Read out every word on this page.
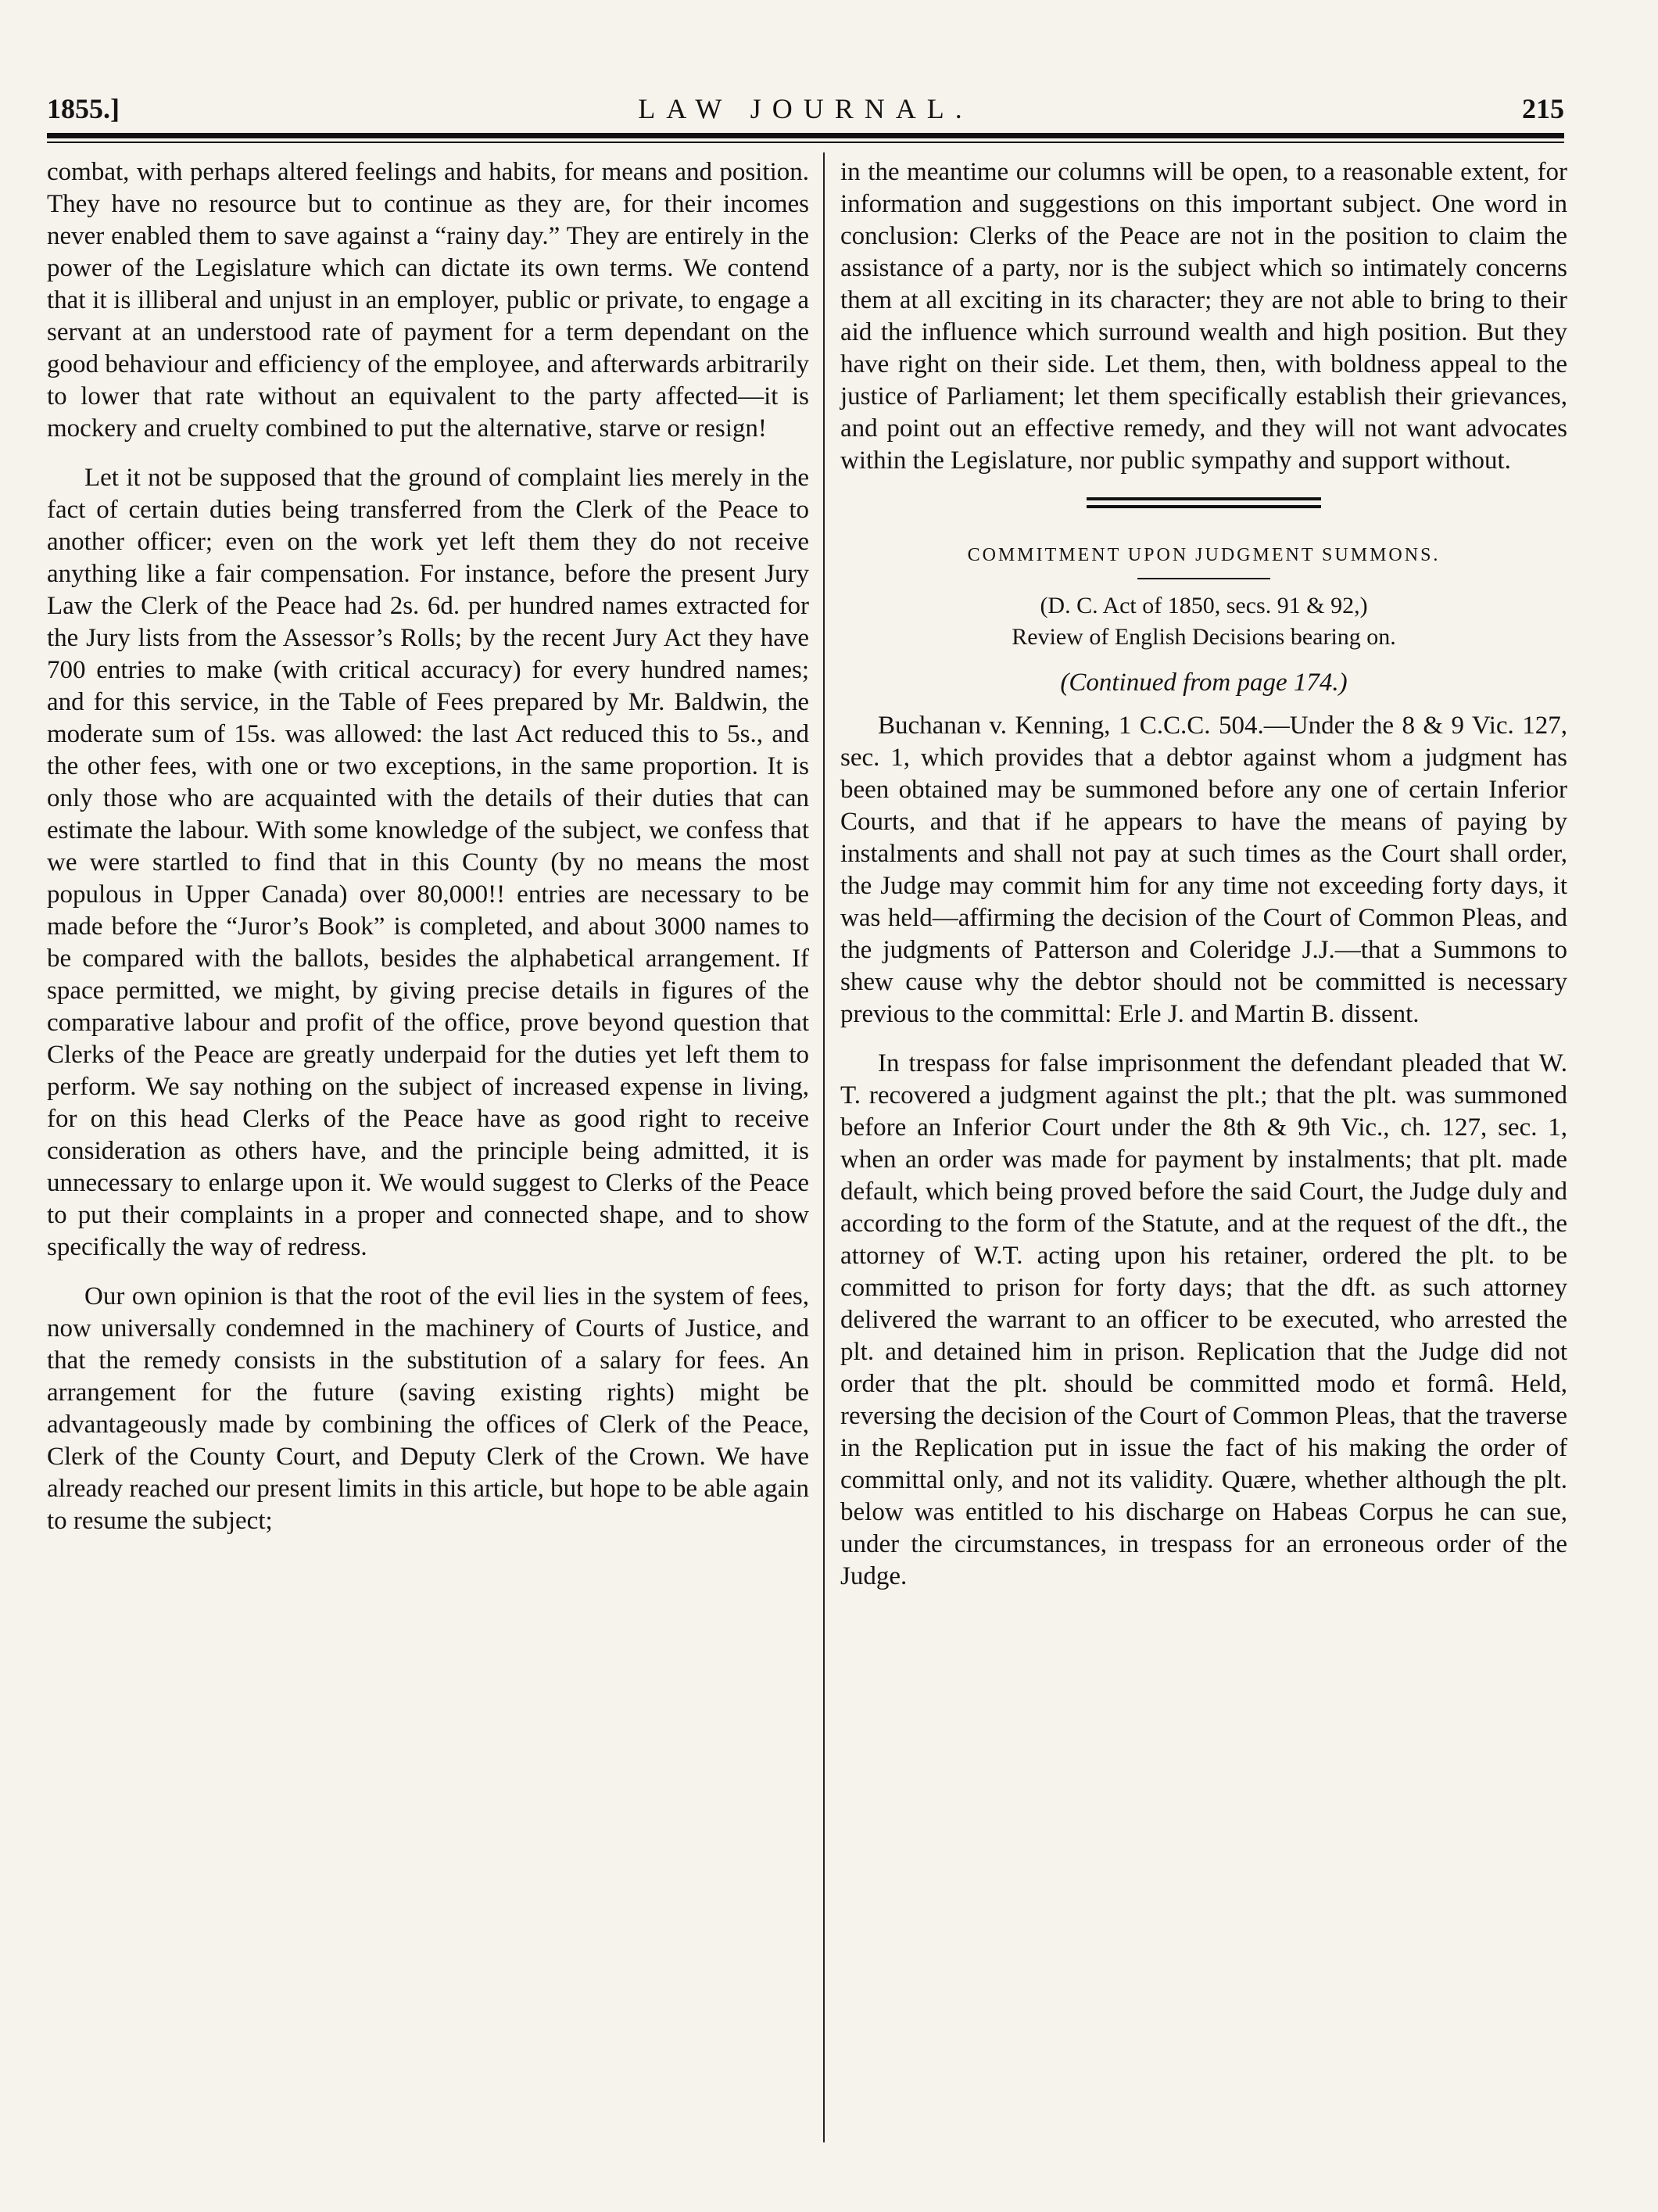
1855.]	LAW JOURNAL.	215

combat, with perhaps altered feelings and habits, for means and position. They have no resource but to continue as they are, for their incomes never enabled them to save against a “rainy day.” They are entirely in the power of the Legislature which can dictate its own terms. We contend that it is illiberal and unjust in an employer, public or private, to engage a servant at an understood rate of payment for a term dependant on the good behaviour and efficiency of the employee, and afterwards arbitrarily to lower that rate without an equivalent to the party affected—it is mockery and cruelty combined to put the alternative, starve or resign!

Let it not be supposed that the ground of complaint lies merely in the fact of certain duties being transferred from the Clerk of the Peace to another officer; even on the work yet left them they do not receive anything like a fair compensation. For instance, before the present Jury Law the Clerk of the Peace had 2s. 6d. per hundred names extracted for the Jury lists from the Assessor’s Rolls; by the recent Jury Act they have 700 entries to make (with critical accuracy) for every hundred names; and for this service, in the Table of Fees prepared by Mr. Baldwin, the moderate sum of 15s. was allowed: the last Act reduced this to 5s., and the other fees, with one or two exceptions, in the same proportion. It is only those who are acquainted with the details of their duties that can estimate the labour. With some knowledge of the subject, we confess that we were startled to find that in this County (by no means the most populous in Upper Canada) over 80,000!! entries are necessary to be made before the “Juror’s Book” is completed, and about 3000 names to be compared with the ballots, besides the alphabetical arrangement. If space permitted, we might, by giving precise details in figures of the comparative labour and profit of the office, prove beyond question that Clerks of the Peace are greatly underpaid for the duties yet left them to perform. We say nothing on the subject of increased expense in living, for on this head Clerks of the Peace have as good right to receive consideration as others have, and the principle being admitted, it is unnecessary to enlarge upon it. We would suggest to Clerks of the Peace to put their complaints in a proper and connected shape, and to show specifically the way of redress.

Our own opinion is that the root of the evil lies in the system of fees, now universally condemned in the machinery of Courts of Justice, and that the remedy consists in the substitution of a salary for fees. An arrangement for the future (saving existing rights) might be advantageously made by combining the offices of Clerk of the Peace, Clerk of the County Court, and Deputy Clerk of the Crown. We have already reached our present limits in this article, but hope to be able again to resume the subject;

in the meantime our columns will be open, to a reasonable extent, for information and suggestions on this important subject. One word in conclusion: Clerks of the Peace are not in the position to claim the assistance of a party, nor is the subject which so intimately concerns them at all exciting in its character; they are not able to bring to their aid the influence which surround wealth and high position. But they have right on their side. Let them, then, with boldness appeal to the justice of Parliament; let them specifically establish their grievances, and point out an effective remedy, and they will not want advocates within the Legislature, nor public sympathy and support without.

COMMITMENT UPON JUDGMENT SUMMONS.
(D. C. Act of 1850, secs. 91 & 92,)
Review of English Decisions bearing on.
(Continued from page 174.)

Buchanan v. Kenning, 1 C.C.C. 504.—Under the 8 & 9 Vic. 127, sec. 1, which provides that a debtor against whom a judgment has been obtained may be summoned before any one of certain Inferior Courts, and that if he appears to have the means of paying by instalments and shall not pay at such times as the Court shall order, the Judge may commit him for any time not exceeding forty days, it was held—affirming the decision of the Court of Common Pleas, and the judgments of Patterson and Coleridge J.J.—that a Summons to shew cause why the debtor should not be committed is necessary previous to the committal: Erle J. and Martin B. dissent.

In trespass for false imprisonment the defendant pleaded that W. T. recovered a judgment against the plt.; that the plt. was summoned before an Inferior Court under the 8th & 9th Vic., ch. 127, sec. 1, when an order was made for payment by instalments; that plt. made default, which being proved before the said Court, the Judge duly and according to the form of the Statute, and at the request of the dft., the attorney of W.T. acting upon his retainer, ordered the plt. to be committed to prison for forty days; that the dft. as such attorney delivered the warrant to an officer to be executed, who arrested the plt. and detained him in prison. Replication that the Judge did not order that the plt. should be committed modo et formâ. Held, reversing the decision of the Court of Common Pleas, that the traverse in the Replication put in issue the fact of his making the order of committal only, and not its validity. Quære, whether although the plt. below was entitled to his discharge on Habeas Corpus he can sue, under the circumstances, in trespass for an erroneous order of the Judge.
